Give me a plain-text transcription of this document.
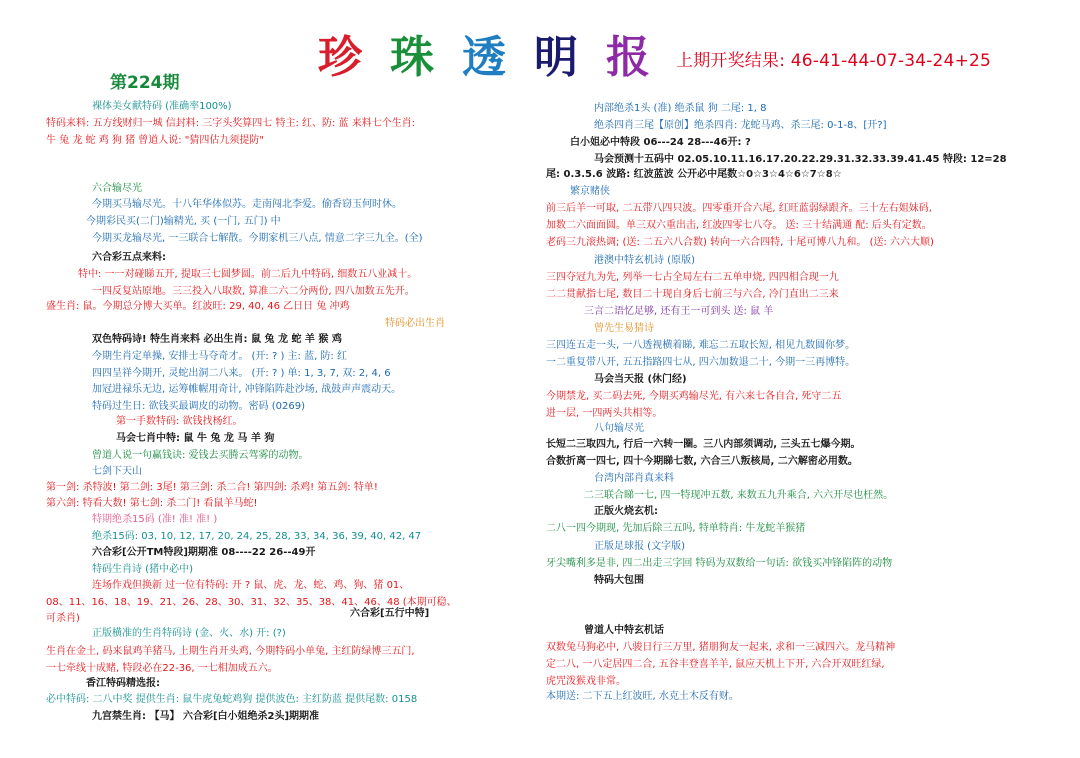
珍 珠 透 明 报 上期开奖结果: 46-41-44-07-34-24+25
第224期
裸体美女献特码 (准确率100%)
特码来料: 五方线财归一城 信封料: 三字头奖算四七 特主: 红、防: 蓝 来料七个生肖:
牛 兔 龙 蛇 鸡 狗 猪 曾道人说: "猜四估九须提防"
六合输尽光
今期买马输尽光。十八年华体似苏。走南闯北李爱。偷香窃玉何时休。
今期彩民买(二门)输精光, 买 (一门, 五门) 中
今期买龙输尽光, 一三联合七解散。今期家机三八点, 情意二字三九全。(全)
六合彩五点来料:
特中: 一一对碰睇五开, 提取三七圆梦圆。前二后九中特码, 细数五八业减十。
一四反复站原地。三三投入八取数, 算准二六二分两份, 四八加数五先开。
盛生肖: 鼠。今期总分博大买单。红波旺: 29, 40, 46 乙日日 兔 冲鸡
特码必出生肖
双色特码诗! 特生肖来料 必出生肖: 鼠 兔 龙 蛇 羊 猴 鸡
今期生肖定单操, 安排士马夺奇才。 (开: ? ) 主: 蓝, 防: 红
四四呈祥今期开, 灵蛇出洞二八来。 (开: ? ) 单: 1, 3, 7, 双: 2, 4, 6
加冠进禄乐无边, 运筹帷幄用奇计, 冲锋陷阵赴沙场, 战鼓声声震动天。
特码过生日: 欲钱买最调皮的动物。密码 (0269)
第一手数特码: 欲钱找杨红。
马会七肖中特: 鼠 牛 兔 龙 马 羊 狗
曾道人说一句赢钱诀: 爱钱去买腾云驾雾的动物。
七剑下天山
第一剑: 杀特波! 第二剑: 3尾! 第三剑: 杀二合! 第四剑: 杀鸡! 第五剑: 特单!
第六剑: 特看大数! 第七剑: 杀二门! 看鼠羊马蛇!
特期绝杀15码 (准! 准! 准! )
绝杀15码: 03, 10, 12, 17, 20, 24, 25, 28, 33, 34, 36, 39, 40, 42, 47
六合彩[公开TM特段]期期准 08----22 26--49开
特码生肖诗 (猪中必中)
连场作戏但换新 过一位有特码: 开 ? 鼠、虎、龙、蛇、鸡、狗、猪 01、
08、11、16、18、19、21、26、28、30、31、32、35、38、41、46、48 (本期可稳、
可杀肖)	六合彩[五行中特]
正版横准的生肖特码诗 (金、火、水) 开: (?)
生肖在金土, 码来鼠鸡羊猪马, 上期生肖开头鸡, 今期特码小单兔, 主红防绿博三五门,
一七牵线十成赌, 特段必在22-36, 一七相加成五六。
香江特码精选报:
必中特码: 二八中奖 提供生肖: 鼠牛虎兔蛇鸡狗 提供波色: 主红防蓝 提供尾数: 0158
九宫禁生肖: 【马】 六合彩[白小姐绝杀2头]期期准
内部绝杀1头 (准) 绝杀鼠 狗 二尾: 1, 8
绝杀四肖三尾【原创】绝杀四肖: 龙蛇马鸡、杀三尾: 0-1-8、[开?]
白小姐必中特段 06---24 28---46开: ?
马会预测十五码中 02.05.10.11.16.17.20.22.29.31.32.33.39.41.45 特段: 12=28
尾: 0.3.5.6 波路: 红波蓝波 公开必中尾数☆0☆3☆4☆6☆7☆8☆
繁京赌侠
前三后羊一可取, 二五带八四只波。四零重开合六尾, 红旺蓝弱绿跟齐。三十左右姐妹码,
加数二六面面圆。单三双六重出击, 红波四零七八夺。 送: 三十结满通 配: 后头有定数。
老码三九滚热调; (送: 二五六八合数) 转向一六合四特, 十尾可博八九和。 (送: 六六大顺)
港澳中特玄机诗 (原版)
三四夺冠九为先, 列举一七占全局左右二五单申烧, 四四相合现一九
二二贯献指七尾, 数目二十现自身后七前三与六合, 冷门直出二三来
三言二语忆足够, 还有王一可到头 送: 鼠 羊
曾先生易猜诗
三四连五走一头, 一八透视横着睇, 难忘二五取长短, 相见九数圆你梦。
一二重复带八开, 五五指路四七从, 四六加数退二十, 今期一三再博特。
马会当天报 (休门经)
今期禁龙, 买二码去死, 今期买鸡输尽光, 有六来七各自合, 死守二五
进一层, 一四两头共相等。
八句输尽光
长短二三取四九, 行后一六转一圈。三八内部须调动, 三头五七爆今期。
合数折离一四七, 四十今期睇七数, 六合三八叛核局, 二六解密必用数。
台湾内部肖真来料
二三联合睇一七, 四一特现冲五数, 来数五九升乘合, 六六开尽也枉然。
正版火烧玄机:
二八一四今期现, 先加后除三五吗, 特单特肖: 牛龙蛇羊猴猪
正版足球报 (文字版)
牙尖嘴利多是非, 四二出走三字回 特码为双数给一句话: 欲钱买冲锋陷阵的动物
特码大包围
曾道人中特玄机话
双数兔马狗必中, 八骏日行三万里, 猪朋狗友一起来, 求和一三减四六。龙马精神
定二八, 一八定居四二合, 五谷丰登喜羊羊, 鼠应天机上下开, 六合开双旺红绿,
虎咒泼猴戏非常。
本期送: 二下五上红波旺, 水克土木反有财。
